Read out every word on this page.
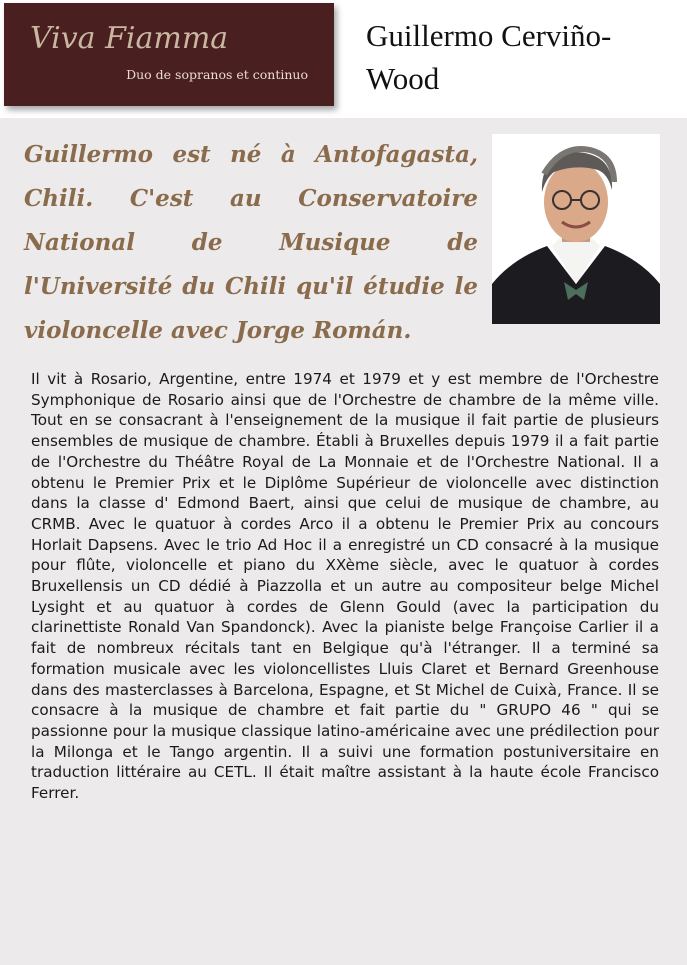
Viva Fiamma
Duo de sopranos et continuo
Guillermo Cerviño-Wood

Guillermo est né à Antofagasta, Chili. C'est au Conservatoire National de Musique de l'Université du Chili qu'il étudie le violoncelle avec Jorge Román.

Il vit à Rosario, Argentine, entre 1974 et 1979 et y est membre de l'Orchestre Symphonique de Rosario ainsi que de l'Orchestre de chambre de la même ville. Tout en se consacrant à l'enseignement de la musique il fait partie de plusieurs ensembles de musique de chambre. Établi à Bruxelles depuis 1979 il a fait partie de l'Orchestre du Théâtre Royal de La Monnaie et de l'Orchestre National. Il a obtenu le Premier Prix et le Diplôme Supérieur de violoncelle avec distinction dans la classe d' Edmond Baert, ainsi que celui de musique de chambre, au CRMB. Avec le quatuor à cordes Arco il a obtenu le Premier Prix au concours Horlait Dapsens. Avec le trio Ad Hoc il a enregistré un CD consacré à la musique pour flûte, violoncelle et piano du XXème siècle, avec le quatuor à cordes Bruxellensis un CD dédié à Piazzolla et un autre au compositeur belge Michel Lysight et au quatuor à cordes de Glenn Gould (avec la participation du clarinettiste Ronald Van Spandonck). Avec la pianiste belge Françoise Carlier il a fait de nombreux récitals tant en Belgique qu'à l'étranger. Il a terminé sa formation musicale avec les violoncellistes Lluis Claret et Bernard Greenhouse dans des masterclasses à Barcelona, Espagne, et St Michel de Cuixà, France. Il se consacre à la musique de chambre et fait partie du " GRUPO 46 " qui se passionne pour la musique classique latino-américaine avec une prédilection pour la Milonga et le Tango argentin. Il a suivi une formation postuniversitaire en traduction littéraire au CETL. Il était maître assistant à la haute école Francisco Ferrer.
